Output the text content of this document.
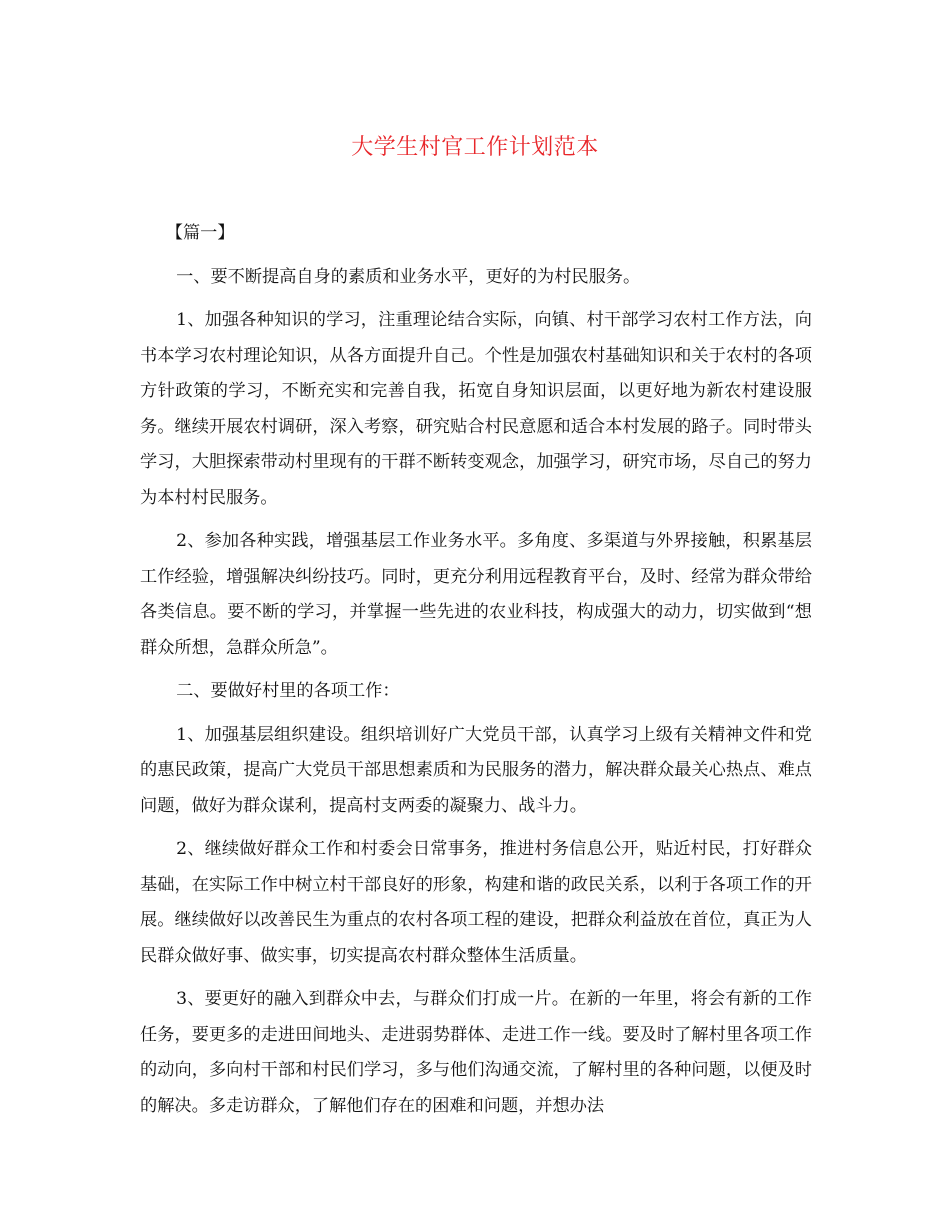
大学生村官工作计划范本

【篇一】

一、要不断提高自身的素质和业务水平，更好的为村民服务。

1、加强各种知识的学习，注重理论结合实际，向镇、村干部学习农村工作方法，向书本学习农村理论知识，从各方面提升自己。个性是加强农村基础知识和关于农村的各项方针政策的学习，不断充实和完善自我，拓宽自身知识层面，以更好地为新农村建设服务。继续开展农村调研，深入考察，研究贴合村民意愿和适合本村发展的路子。同时带头学习，大胆探索带动村里现有的干群不断转变观念，加强学习，研究市场，尽自己的努力为本村村民服务。

2、参加各种实践，增强基层工作业务水平。多角度、多渠道与外界接触，积累基层工作经验，增强解决纠纷技巧。同时，更充分利用远程教育平台，及时、经常为群众带给各类信息。要不断的学习，并掌握一些先进的农业科技，构成强大的动力，切实做到“想群众所想，急群众所急”。

二、要做好村里的各项工作：

1、加强基层组织建设。组织培训好广大党员干部，认真学习上级有关精神文件和党的惠民政策，提高广大党员干部思想素质和为民服务的潜力，解决群众最关心热点、难点问题，做好为群众谋利，提高村支两委的凝聚力、战斗力。

2、继续做好群众工作和村委会日常事务，推进村务信息公开，贴近村民，打好群众基础，在实际工作中树立村干部良好的形象，构建和谐的政民关系，以利于各项工作的开展。继续做好以改善民生为重点的农村各项工程的建设，把群众利益放在首位，真正为人民群众做好事、做实事，切实提高农村群众整体生活质量。

3、要更好的融入到群众中去，与群众们打成一片。在新的一年里，将会有新的工作任务，要更多的走进田间地头、走进弱势群体、走进工作一线。要及时了解村里各项工作的动向，多向村干部和村民们学习，多与他们沟通交流，了解村里的各种问题，以便及时的解决。多走访群众，了解他们存在的困难和问题，并想办法
